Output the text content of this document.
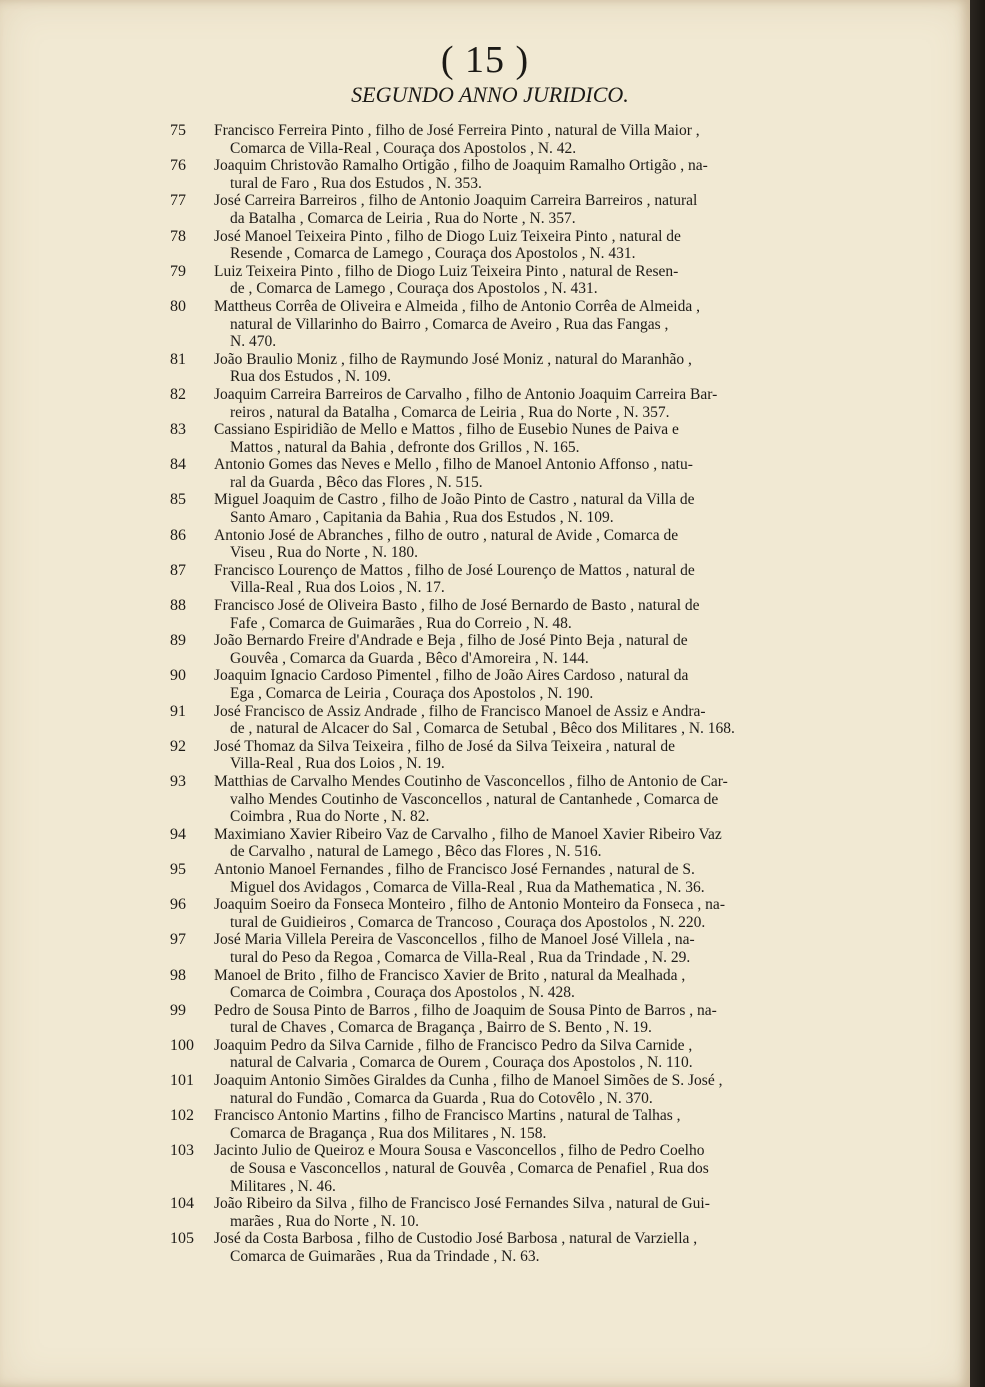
( 15 )
SEGUNDO ANNO JURIDICO.
75	Francisco Ferreira Pinto , filho de José Ferreira Pinto , natural de Villa Maior ,
Comarca de Villa-Real , Couraça dos Apostolos , N. 42.
76	Joaquim Christovão Ramalho Ortigão , filho de Joaquim Ramalho Ortigão , na-
tural de Faro , Rua dos Estudos , N. 353.
77	José Carreira Barreiros , filho de Antonio Joaquim Carreira Barreiros , natural
da Batalha , Comarca de Leiria , Rua do Norte , N. 357.
78	José Manoel Teixeira Pinto , filho de Diogo Luiz Teixeira Pinto , natural de
Resende , Comarca de Lamego , Couraça dos Apostolos , N. 431.
79	Luiz Teixeira Pinto , filho de Diogo Luiz Teixeira Pinto , natural de Resen-
de , Comarca de Lamego , Couraça dos Apostolos , N. 431.
80	Mattheus Corrêa de Oliveira e Almeida , filho de Antonio Corrêa de Almeida ,
natural de Villarinho do Bairro , Comarca de Aveiro , Rua das Fangas ,
N. 470.
81	João Braulio Moniz , filho de Raymundo José Moniz , natural do Maranhão ,
Rua dos Estudos , N. 109.
82	Joaquim Carreira Barreiros de Carvalho , filho de Antonio Joaquim Carreira Bar-
reiros , natural da Batalha , Comarca de Leiria , Rua do Norte , N. 357.
83	Cassiano Espiridião de Mello e Mattos , filho de Eusebio Nunes de Paiva e
Mattos , natural da Bahia , defronte dos Grillos , N. 165.
84	Antonio Gomes das Neves e Mello , filho de Manoel Antonio Affonso , natu-
ral da Guarda , Bêco das Flores , N. 515.
85	Miguel Joaquim de Castro , filho de João Pinto de Castro , natural da Villa de
Santo Amaro , Capitania da Bahia , Rua dos Estudos , N. 109.
86	Antonio José de Abranches , filho de outro , natural de Avide , Comarca de
Viseu , Rua do Norte , N. 180.
87	Francisco Lourenço de Mattos , filho de José Lourenço de Mattos , natural de
Villa-Real , Rua dos Loios , N. 17.
88	Francisco José de Oliveira Basto , filho de José Bernardo de Basto , natural de
Fafe , Comarca de Guimarães , Rua do Correio , N. 48.
89	João Bernardo Freire d'Andrade e Beja , filho de José Pinto Beja , natural de
Gouvêa , Comarca da Guarda , Bêco d'Amoreira , N. 144.
90	Joaquim Ignacio Cardoso Pimentel , filho de João Aires Cardoso , natural da
Ega , Comarca de Leiria , Couraça dos Apostolos , N. 190.
91	José Francisco de Assiz Andrade , filho de Francisco Manoel de Assiz e Andra-
de , natural de Alcacer do Sal , Comarca de Setubal , Bêco dos Militares , N. 168.
92	José Thomaz da Silva Teixeira , filho de José da Silva Teixeira , natural de
Villa-Real , Rua dos Loios , N. 19.
93	Matthias de Carvalho Mendes Coutinho de Vasconcellos , filho de Antonio de Car-
valho Mendes Coutinho de Vasconcellos , natural de Cantanhede , Comarca de
Coimbra , Rua do Norte , N. 82.
94	Maximiano Xavier Ribeiro Vaz de Carvalho , filho de Manoel Xavier Ribeiro Vaz
de Carvalho , natural de Lamego , Bêco das Flores , N. 516.
95	Antonio Manoel Fernandes , filho de Francisco José Fernandes , natural de S.
Miguel dos Avidagos , Comarca de Villa-Real , Rua da Mathematica , N. 36.
96	Joaquim Soeiro da Fonseca Monteiro , filho de Antonio Monteiro da Fonseca , na-
tural de Guidieiros , Comarca de Trancoso , Couraça dos Apostolos , N. 220.
97	José Maria Villela Pereira de Vasconcellos , filho de Manoel José Villela , na-
tural do Peso da Regoa , Comarca de Villa-Real , Rua da Trindade , N. 29.
98	Manoel de Brito , filho de Francisco Xavier de Brito , natural da Mealhada ,
Comarca de Coimbra , Couraça dos Apostolos , N. 428.
99	Pedro de Sousa Pinto de Barros , filho de Joaquim de Sousa Pinto de Barros , na-
tural de Chaves , Comarca de Bragança , Bairro de S. Bento , N. 19.
100	Joaquim Pedro da Silva Carnide , filho de Francisco Pedro da Silva Carnide ,
natural de Calvaria , Comarca de Ourem , Couraça dos Apostolos , N. 110.
101	Joaquim Antonio Simões Giraldes da Cunha , filho de Manoel Simões de S. José ,
natural do Fundão , Comarca da Guarda , Rua do Cotovêlo , N. 370.
102	Francisco Antonio Martins , filho de Francisco Martins , natural de Talhas ,
Comarca de Bragança , Rua dos Militares , N. 158.
103	Jacinto Julio de Queiroz e Moura Sousa e Vasconcellos , filho de Pedro Coelho
de Sousa e Vasconcellos , natural de Gouvêa , Comarca de Penafiel , Rua dos
Militares , N. 46.
104	João Ribeiro da Silva , filho de Francisco José Fernandes Silva , natural de Gui-
marães , Rua do Norte , N. 10.
105	José da Costa Barbosa , filho de Custodio José Barbosa , natural de Varziella ,
Comarca de Guimarães , Rua da Trindade , N. 63.
